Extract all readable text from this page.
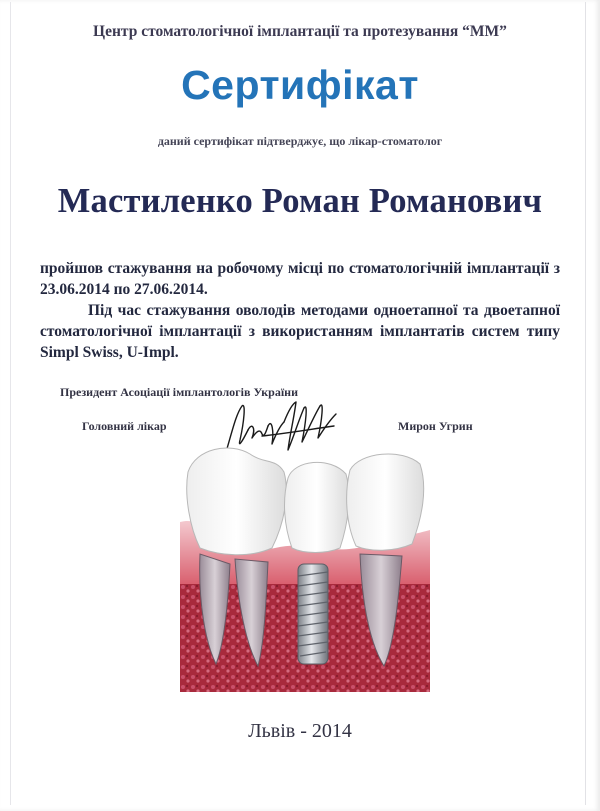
Центр стоматологічної імплантації та протезування “ММ”
Сертифікат
даний сертифікат підтверджує, що лікар-стоматолог
Мастиленко Роман Романович

пройшов стажування на робочому місці по стоматологічній імплантації з 23.06.2014 по 27.06.2014.

Під час стажування оволодів методами одноетапної та двоетапної стоматологічної імплантації з використанням імплантатів систем типу Simpl Swiss, U-Impl.

Президент Асоціації імплантологів України
Головний лікар	Мирон Угрин
Львів - 2014
